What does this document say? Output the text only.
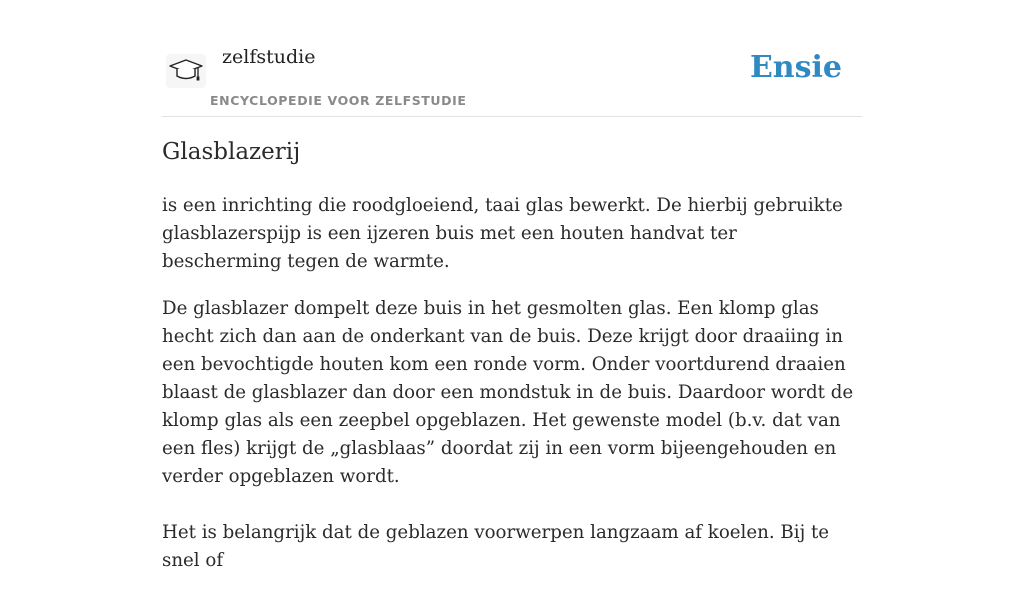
zelfstudie
ENCYCLOPEDIE VOOR ZELFSTUDIE
Ensie
Glasblazerij

is een inrichting die roodgloeiend, taai glas bewerkt. De hierbij gebruikte glasblazerspijp is een ijzeren buis met een houten handvat ter bescherming tegen de warmte.

De glasblazer dompelt deze buis in het gesmolten glas. Een klomp glas hecht zich dan aan de onderkant van de buis. Deze krijgt door draaiing in een bevochtigde houten kom een ronde vorm. Onder voortdurend draaien blaast de glasblazer dan door een mondstuk in de buis. Daardoor wordt de klomp glas als een zeepbel opgeblazen. Het gewenste model (b.v. dat van een fles) krijgt de „glasblaas” doordat zij in een vorm bijeengehouden en verder opgeblazen wordt.

Het is belangrijk dat de geblazen voorwerpen langzaam af koelen. Bij te snel of
